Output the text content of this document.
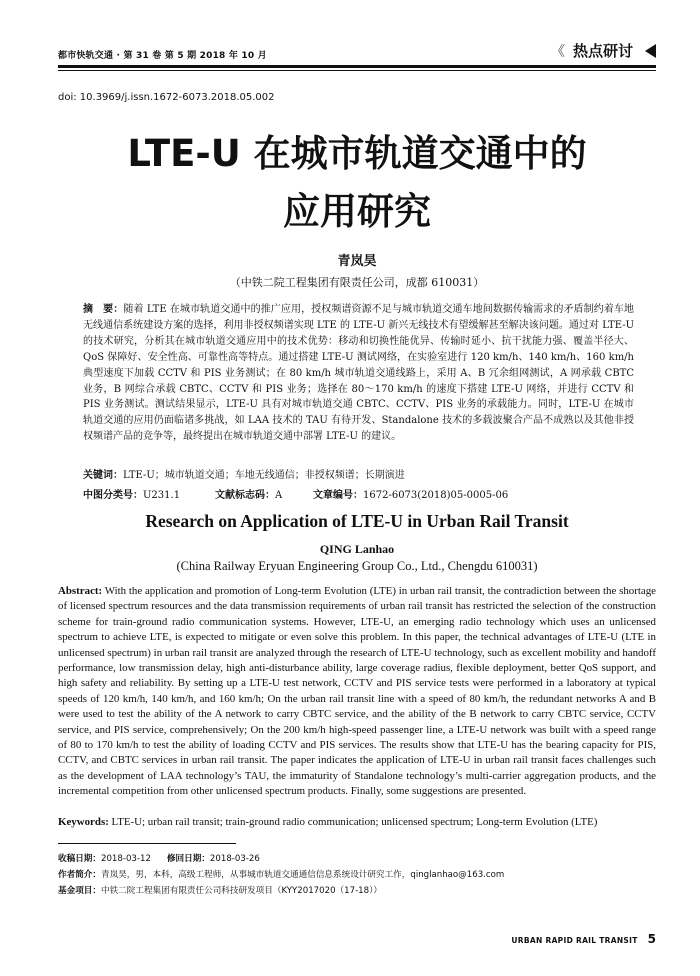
都市快轨交通 · 第 31 卷 第 5 期 2018 年 10 月	《 热点研讨
doi: 10.3969/j.issn.1672-6073.2018.05.002
LTE-U 在城市轨道交通中的
应用研究
青岚昊
（中铁二院工程集团有限责任公司，成都 610031）

摘　要：随着 LTE 在城市轨道交通中的推广应用，授权频谱资源不足与城市轨道交通车地间数据传输需求的矛盾制约着车地无线通信系统建设方案的选择，利用非授权频谱实现 LTE 的 LTE-U 新兴无线技术有望缓解甚至解决该问题。通过对 LTE-U 的技术研究，分析其在城市轨道交通应用中的技术优势：移动和切换性能优异、传输时延小、抗干扰能力强、覆盖半径大、QoS 保障好、安全性高、可靠性高等特点。通过搭建 LTE-U 测试网络，在实验室进行 120 km/h、140 km/h、160 km/h 典型速度下加载 CCTV 和 PIS 业务测试；在 80 km/h 城市轨道交通线路上，采用 A、B 冗余组网测试，A 网承载 CBTC 业务，B 网综合承载 CBTC、CCTV 和 PIS 业务；选择在 80～170 km/h 的速度下搭建 LTE-U 网络，并进行 CCTV 和 PIS 业务测试。测试结果显示，LTE-U 具有对城市轨道交通 CBTC、CCTV、PIS 业务的承载能力。同时，LTE-U 在城市轨道交通的应用仍面临诸多挑战，如 LAA 技术的 TAU 有待开发、Standalone 技术的多载波聚合产品不成熟以及其他非授权频谱产品的竞争等，最终提出在城市轨道交通中部署 LTE-U 的建议。

关键词：LTE-U；城市轨道交通；车地无线通信；非授权频谱；长期演进

中图分类号：U231.1	文献标志码：A	文章编号：1672-6073(2018)05-0005-06
Research on Application of LTE-U in Urban Rail Transit
QING Lanhao
(China Railway Eryuan Engineering Group Co., Ltd., Chengdu 610031)

Abstract: With the application and promotion of Long-term Evolution (LTE) in urban rail transit, the contradiction between the shortage of licensed spectrum resources and the data transmission requirements of urban rail transit has restricted the selection of the construction scheme for train-ground radio communication systems. However, LTE-U, an emerging radio technology which uses an unlicensed spectrum to achieve LTE, is expected to mitigate or even solve this problem. In this paper, the technical advantages of LTE-U (LTE in unlicensed spectrum) in urban rail transit are analyzed through the research of LTE-U technology, such as excellent mobility and handoff performance, low transmission delay, high anti-disturbance ability, large coverage radius, flexible deployment, better QoS support, and high safety and reliability. By setting up a LTE-U test network, CCTV and PIS service tests were performed in a laboratory at typical speeds of 120 km/h, 140 km/h, and 160 km/h; On the urban rail transit line with a speed of 80 km/h, the redundant networks A and B were used to test the ability of the A network to carry CBTC service, and the ability of the B network to carry CBTC service, CCTV service, and PIS service, comprehensively; On the 200 km/h high-speed passenger line, a LTE-U network was built with a speed range of 80 to 170 km/h to test the ability of loading CCTV and PIS services. The results show that LTE-U has the bearing capacity for PIS, CCTV, and CBTC services in urban rail transit. The paper indicates the application of LTE-U in urban rail transit faces challenges such as the development of LAA technology’s TAU, the immaturity of Standalone technology’s multi-carrier aggregation products, and the incremental competition from other unlicensed spectrum products. Finally, some suggestions are presented.

Keywords: LTE-U; urban rail transit; train-ground radio communication; unlicensed spectrum; Long-term Evolution (LTE)

收稿日期：2018-03-12 修回日期：2018-03-26
作者简介：青岚昊，男，本科，高级工程师，从事城市轨道交通通信信息系统设计研究工作，qinglanhao@163.com
基金项目：中铁二院工程集团有限责任公司科技研发项目（KYY2017020（17-18））
URBAN RAPID RAIL TRANSIT 5
